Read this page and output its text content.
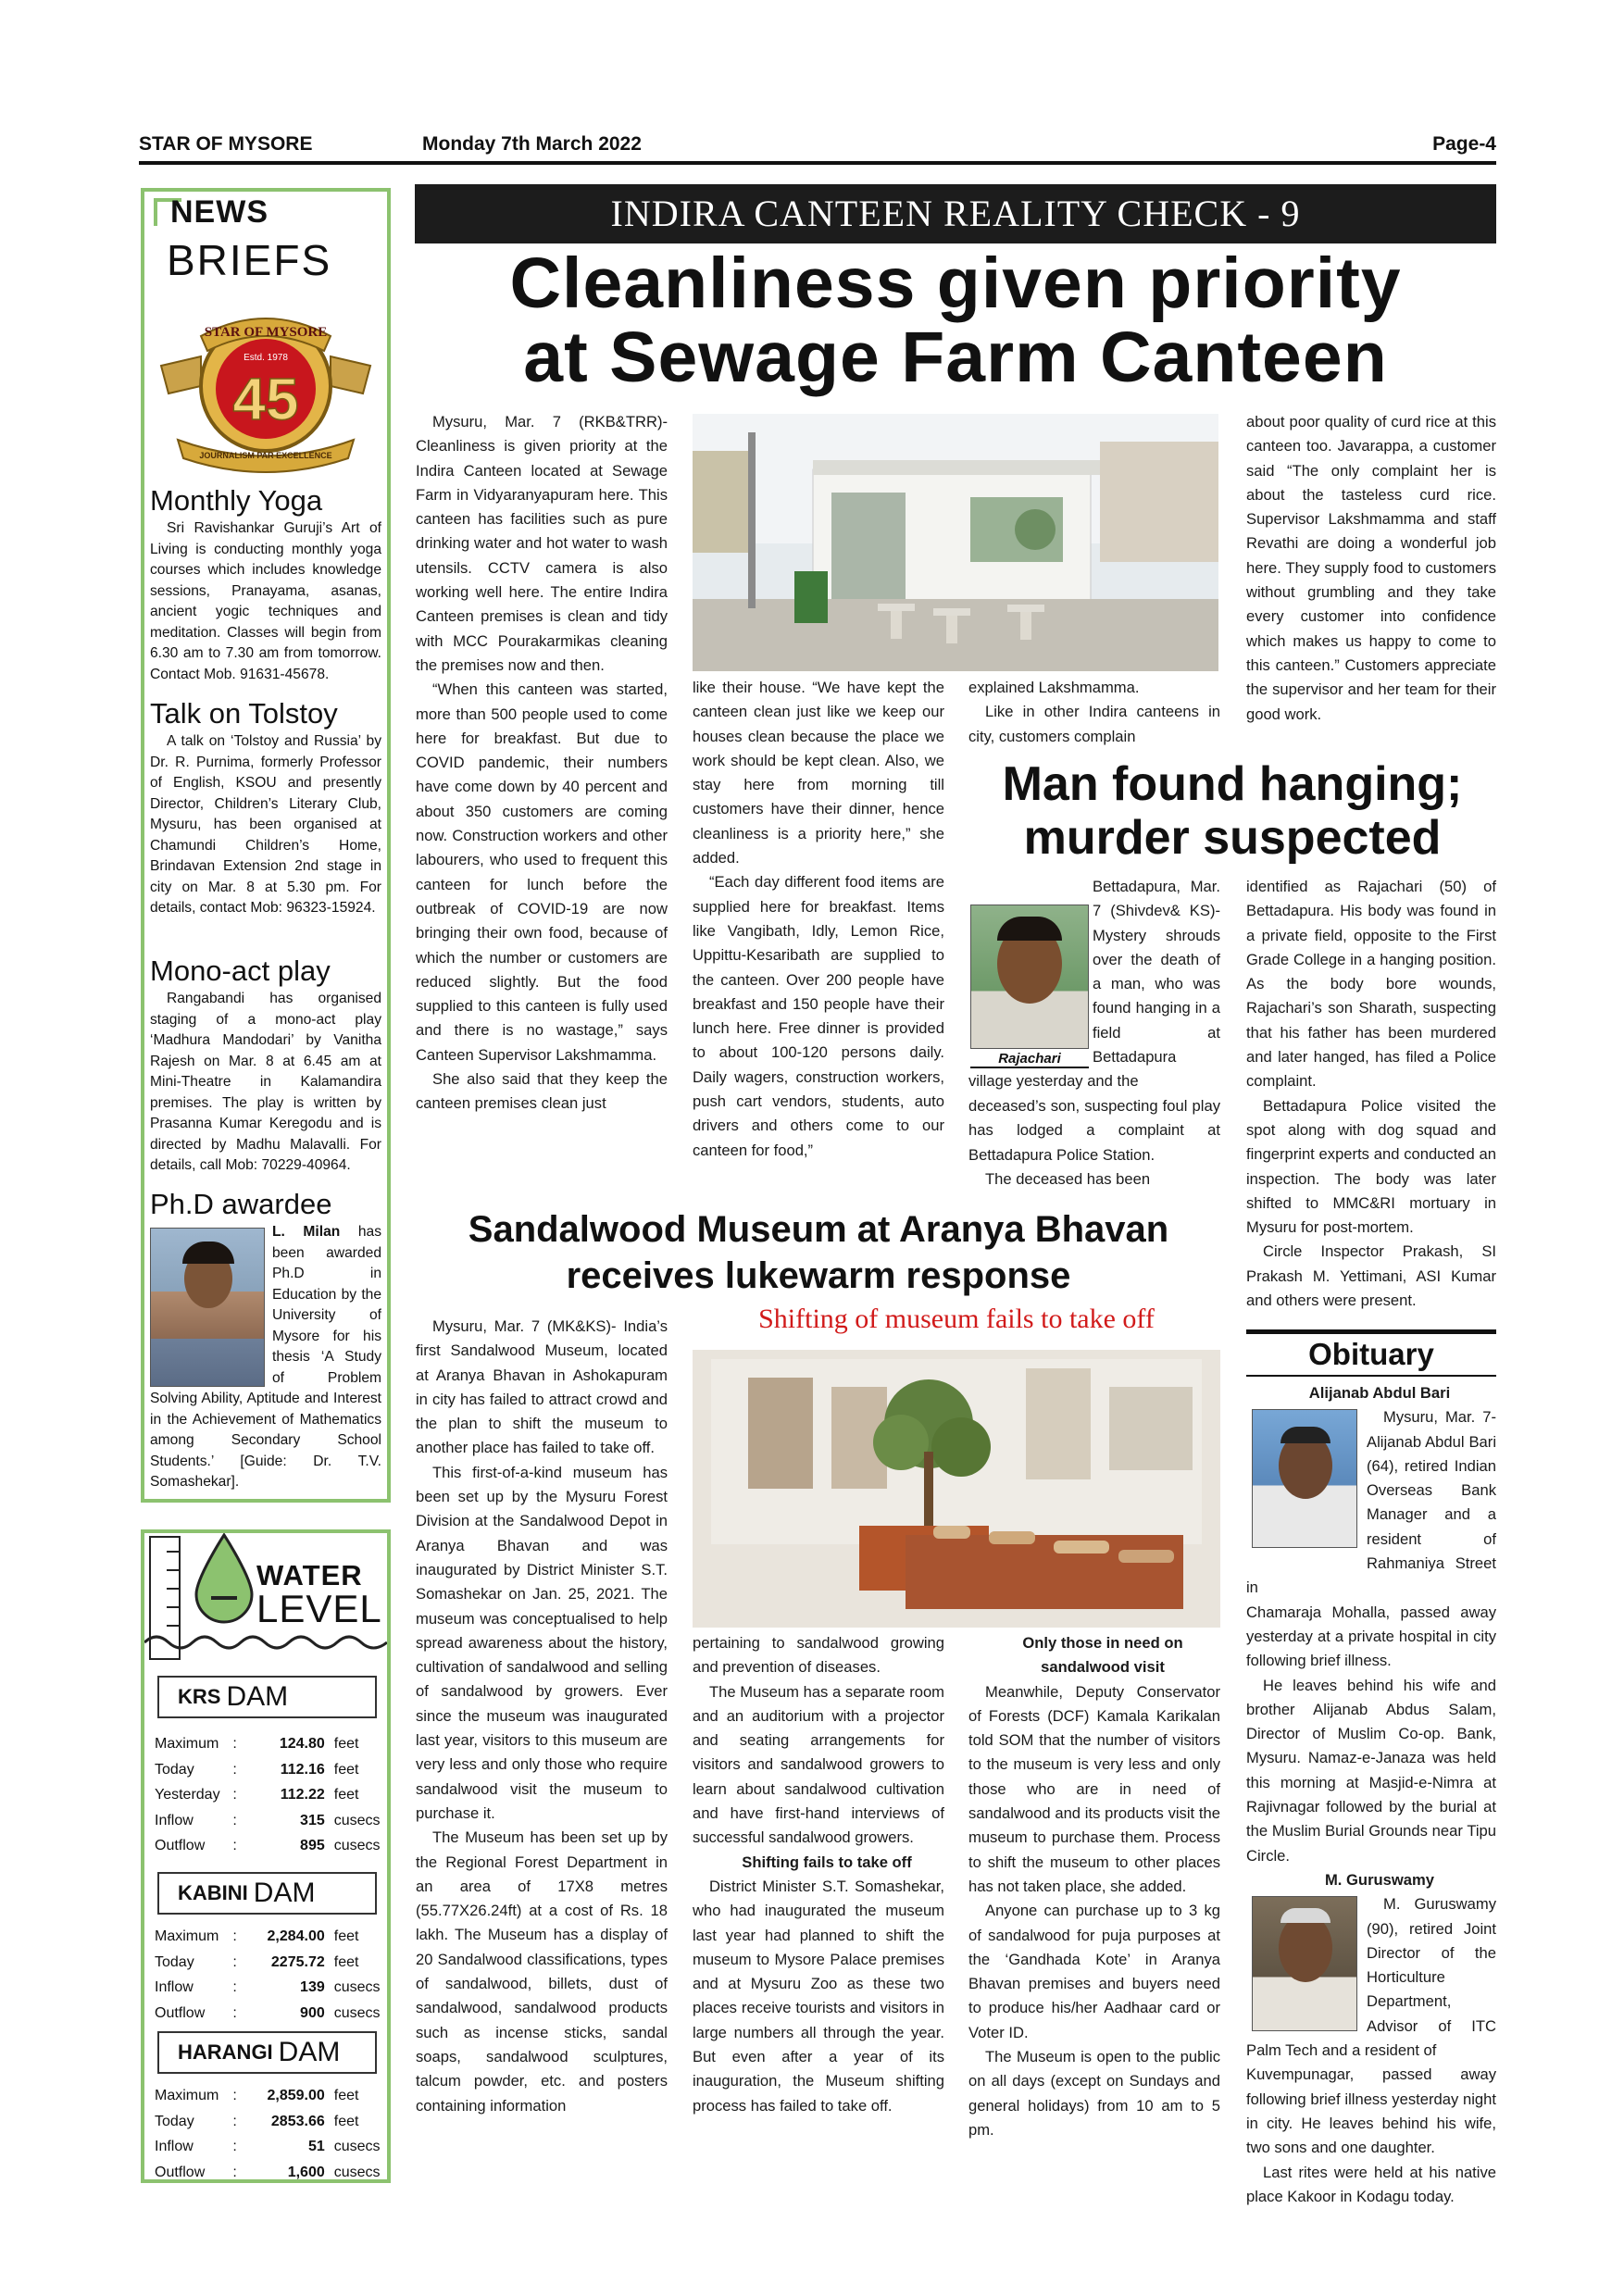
STAR OF MYSORE	Monday 7th March 2022	Page-4
NEWS
BRIEFS
STAR OF MYSORE
Estd. 1978
45
JOURNALISM PAR EXCELLENCE
Monthly Yoga

Sri Ravishankar Guruji’s Art of Living is conducting monthly yoga courses which includes knowledge sessions, Pranayama, asanas, ancient yogic techniques and meditation. Classes will begin from 6.30 am to 7.30 am from tomorrow. Contact Mob. 91631-45678.

Talk on Tolstoy

A talk on ‘Tolstoy and Russia’ by Dr. R. Purnima, formerly Professor of English, KSOU and presently Director, Children’s Literary Club, Mysuru, has been organised at Chamundi Children’s Home, Brindavan Extension 2nd stage in city on Mar. 8 at 5.30 pm. For details, contact Mob: 96323-15924.

Mono-act play

Rangabandi has organised staging of a mono-act play ‘Madhura Mandodari’ by Vanitha Rajesh on Mar. 8 at 6.45 am at Mini-Theatre in Kalamandira premises. The play is written by Prasanna Kumar Keregodu and is directed by Madhu Malavalli. For details, call Mob: 70229-40964.

Ph.D awardee
L. Milan has been awarded Ph.D in Education by the University of Mysore for his thesis ‘A Study of Problem Solving Ability, Aptitude and Interest in the Achievement of Mathematics among Secondary School Students.’ [Guide: Dr. T.V. Somashekar].
WATER
LEVEL
KRS DAM
Maximum :	124.80 feet
Today	:	112.16 feet
Yesterday :	112.22 feet
Inflow	:	315 cusecs
Outflow	:	895 cusecs
KABINI DAM
Maximum :	2,284.00 feet
Today	:	2275.72 feet
Inflow	:	139 cusecs
Outflow	:	900 cusecs
HARANGI DAM
Maximum :	2,859.00 feet
Today	:	2853.66 feet
Inflow	:	51 cusecs
Outflow	:	1,600 cusecs
INDIRA CANTEEN REALITY CHECK - 9
Cleanliness given priority
at Sewage Farm Canteen

Mysuru, Mar. 7 (RKB&TRR)- Cleanliness is given priority at the Indira Canteen located at Sewage Farm in Vidyaranyapuram here. This canteen has facilities such as pure drinking water and hot water to wash utensils. CCTV camera is also working well here. The entire Indira Canteen premises is clean and tidy with MCC Pourakarmikas cleaning the premises now and then.

“When this canteen was started, more than 500 people used to come here for breakfast. But due to COVID pandemic, their numbers have come down by 40 percent and about 350 customers are coming now. Construction workers and other labourers, who used to frequent this canteen for lunch before the outbreak of COVID-19 are now bringing their own food, because of which the number or customers are reduced slightly. But the food supplied to this canteen is fully used and there is no wastage,” says Canteen Supervisor Lakshmamma.

She also said that they keep the canteen premises clean just

like their house. “We have kept the canteen clean just like we keep our houses clean because the place we work should be kept clean. Also, we stay here from morning till customers have their dinner, hence cleanliness is a priority here,” she added.

“Each day different food items are supplied here for breakfast. Items like Vangibath, Idly, Lemon Rice, Uppittu-Kesaribath are supplied to the canteen. Over 200 people have breakfast and 150 people have their lunch here. Free dinner is provided to about 100-120 persons daily. Daily wagers, construction workers, push cart vendors, students, auto drivers and others come to our canteen for food,”

explained Lakshmamma.

Like in other Indira canteens in city, customers complain

about poor quality of curd rice at this canteen too. Javarappa, a customer said “The only complaint her is about the tasteless curd rice. Supervisor Lakshmamma and staff Revathi are doing a wonderful job here. They supply food to customers without grumbling and they take every customer into confidence which makes us happy to come to this canteen.” Customers appreciate the supervisor and her team for their good work.

Man found hanging;
murder suspected
Rajachari

Bettadapura, Mar. 7 (Shivdev& KS)- Mystery shrouds over the death of a man, who was found hanging in a field at Bettadapura village yesterday and the

deceased’s son, suspecting foul play has lodged a complaint at Bettadapura Police Station.

The deceased has been

identified as Rajachari (50) of Bettadapura. His body was found in a private field, opposite to the First Grade College in a hanging position. As the body bore wounds, Rajachari’s son Sharath, suspecting that his father has been murdered and later hanged, has filed a Police complaint.

Bettadapura Police visited the spot along with dog squad and fingerprint experts and conducted an inspection. The body was later shifted to MMC&RI mortuary in Mysuru for post-mortem.

Circle Inspector Prakash, SI Prakash M. Yettimani, ASI Kumar and others were present.

Sandalwood Museum at Aranya Bhavan
receives lukewarm response
Shifting of museum fails to take off

Mysuru, Mar. 7 (MK&KS)- India’s first Sandalwood Museum, located at Aranya Bhavan in Ashokapuram in city has failed to attract crowd and the plan to shift the museum to another place has failed to take off.

This first-of-a-kind museum has been set up by the Mysuru Forest Division at the Sandalwood Depot in Aranya Bhavan and was inaugurated by District Minister S.T. Somashekar on Jan. 25, 2021. The museum was conceptualised to help spread awareness about the history, cultivation of sandalwood and selling of sandalwood by growers. Ever since the museum was inaugurated last year, visitors to this museum are very less and only those who require sandalwood visit the museum to purchase it.

The Museum has been set up by the Regional Forest Department in an area of 17X8 metres (55.77X26.24ft) at a cost of Rs. 18 lakh. The Museum has a display of 20 Sandalwood classifications, types of sandalwood, billets, dust of sandalwood, sandalwood products such as incense sticks, sandal soaps, sandalwood sculptures, talcum powder, etc. and posters containing information

pertaining to sandalwood growing and prevention of diseases.

The Museum has a separate room and an auditorium with a projector and seating arrangements for visitors and sandalwood growers to learn about sandalwood cultivation and have first-hand interviews of successful sandalwood growers.

Shifting fails to take off

District Minister S.T. Somashekar, who had inaugurated the museum last year had planned to shift the museum to Mysore Palace premises and at Mysuru Zoo as these two places receive tourists and visitors in large numbers all through the year. But even after a year of its inauguration, the Museum shifting process has failed to take off.

Only those in need on

sandalwood visit

Meanwhile, Deputy Conservator of Forests (DCF) Kamala Karikalan told SOM that the number of visitors to the museum is very less and only those who are in need of sandalwood and its products visit the museum to purchase them. Process to shift the museum to other places has not taken place, she added.

Anyone can purchase up to 3 kg of sandalwood for puja purposes at the ‘Gandhada Kote’ in Aranya Bhavan premises and buyers need to produce his/her Aadhaar card or Voter ID.

The Museum is open to the public on all days (except on Sundays and general holidays) from 10 am to 5 pm.

Obituary

Alijanab Abdul Bari

Mysuru, Mar. 7- Alijanab Abdul Bari (64), retired Indian Overseas Bank Manager and a resident of Rahmaniya Street in

Chamaraja Mohalla, passed away yesterday at a private hospital in city following brief illness.

He leaves behind his wife and brother Alijanab Abdus Salam, Director of Muslim Co-op. Bank, Mysuru. Namaz-e-Janaza was held this morning at Masjid-e-Nimra at Rajivnagar followed by the burial at the Muslim Burial Grounds near Tipu Circle.

M. Guruswamy

M. Guruswamy (90), retired Joint Director of the Horticulture Department, Advisor of ITC Palm Tech and a resident of

Kuvempunagar, passed away following brief illness yesterday night in city. He leaves behind his wife, two sons and one daughter.

Last rites were held at his native place Kakoor in Kodagu today.
